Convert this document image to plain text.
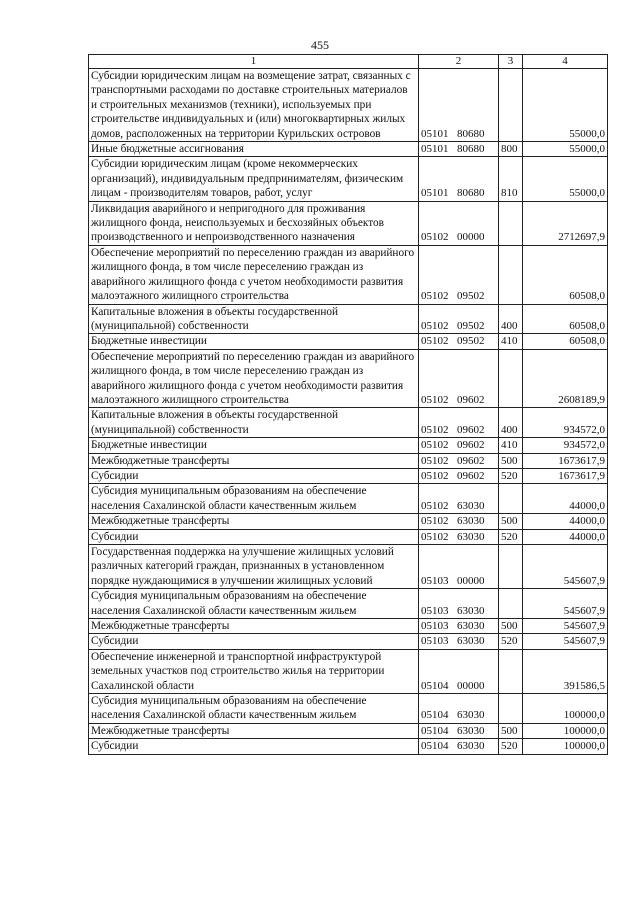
455
1	2	3	4
Субсидии юридическим лицам на возмещение затрат, связанных с транспортными расходами по доставке строительных материалов и строительных механизмов (техники), используемых при строительстве индивидуальных и (или) многоквартирных жилых домов, расположенных на территории Курильских островов	05101 80680		55000,0
Иные бюджетные ассигнования	05101 80680	800	55000,0
Субсидии юридическим лицам (кроме некоммерческих организаций), индивидуальным предпринимателям, физическим лицам - производителям товаров, работ, услуг	05101 80680	810	55000,0
Ликвидация аварийного и непригодного для проживания жилищного фонда, неиспользуемых и бесхозяйных объектов производственного и непроизводственного назначения	05102 00000		2712697,9
Обеспечение мероприятий по переселению граждан из аварийного жилищного фонда, в том числе переселению граждан из аварийного жилищного фонда с учетом необходимости развития малоэтажного жилищного строительства	05102 09502		60508,0
Капитальные вложения в объекты государственной (муниципальной) собственности	05102 09502	400	60508,0
Бюджетные инвестиции	05102 09502	410	60508,0
Обеспечение мероприятий по переселению граждан из аварийного жилищного фонда, в том числе переселению граждан из аварийного жилищного фонда с учетом необходимости развития малоэтажного жилищного строительства	05102 09602		2608189,9
Капитальные вложения в объекты государственной (муниципальной) собственности	05102 09602	400	934572,0
Бюджетные инвестиции	05102 09602	410	934572,0
Межбюджетные трансферты	05102 09602	500	1673617,9
Субсидии	05102 09602	520	1673617,9
Субсидия муниципальным образованиям на обеспечение населения Сахалинской области качественным жильем	05102 63030		44000,0
Межбюджетные трансферты	05102 63030	500	44000,0
Субсидии	05102 63030	520	44000,0
Государственная поддержка на улучшение жилищных условий различных категорий граждан, признанных в установленном порядке нуждающимися в улучшении жилищных условий	05103 00000		545607,9
Субсидия муниципальным образованиям на обеспечение населения Сахалинской области качественным жильем	05103 63030		545607,9
Межбюджетные трансферты	05103 63030	500	545607,9
Субсидии	05103 63030	520	545607,9
Обеспечение инженерной и транспортной инфраструктурой земельных участков под строительство жилья на территории Сахалинской области	05104 00000		391586,5
Субсидия муниципальным образованиям на обеспечение населения Сахалинской области качественным жильем	05104 63030		100000,0
Межбюджетные трансферты	05104 63030	500	100000,0
Субсидии	05104 63030	520	100000,0
